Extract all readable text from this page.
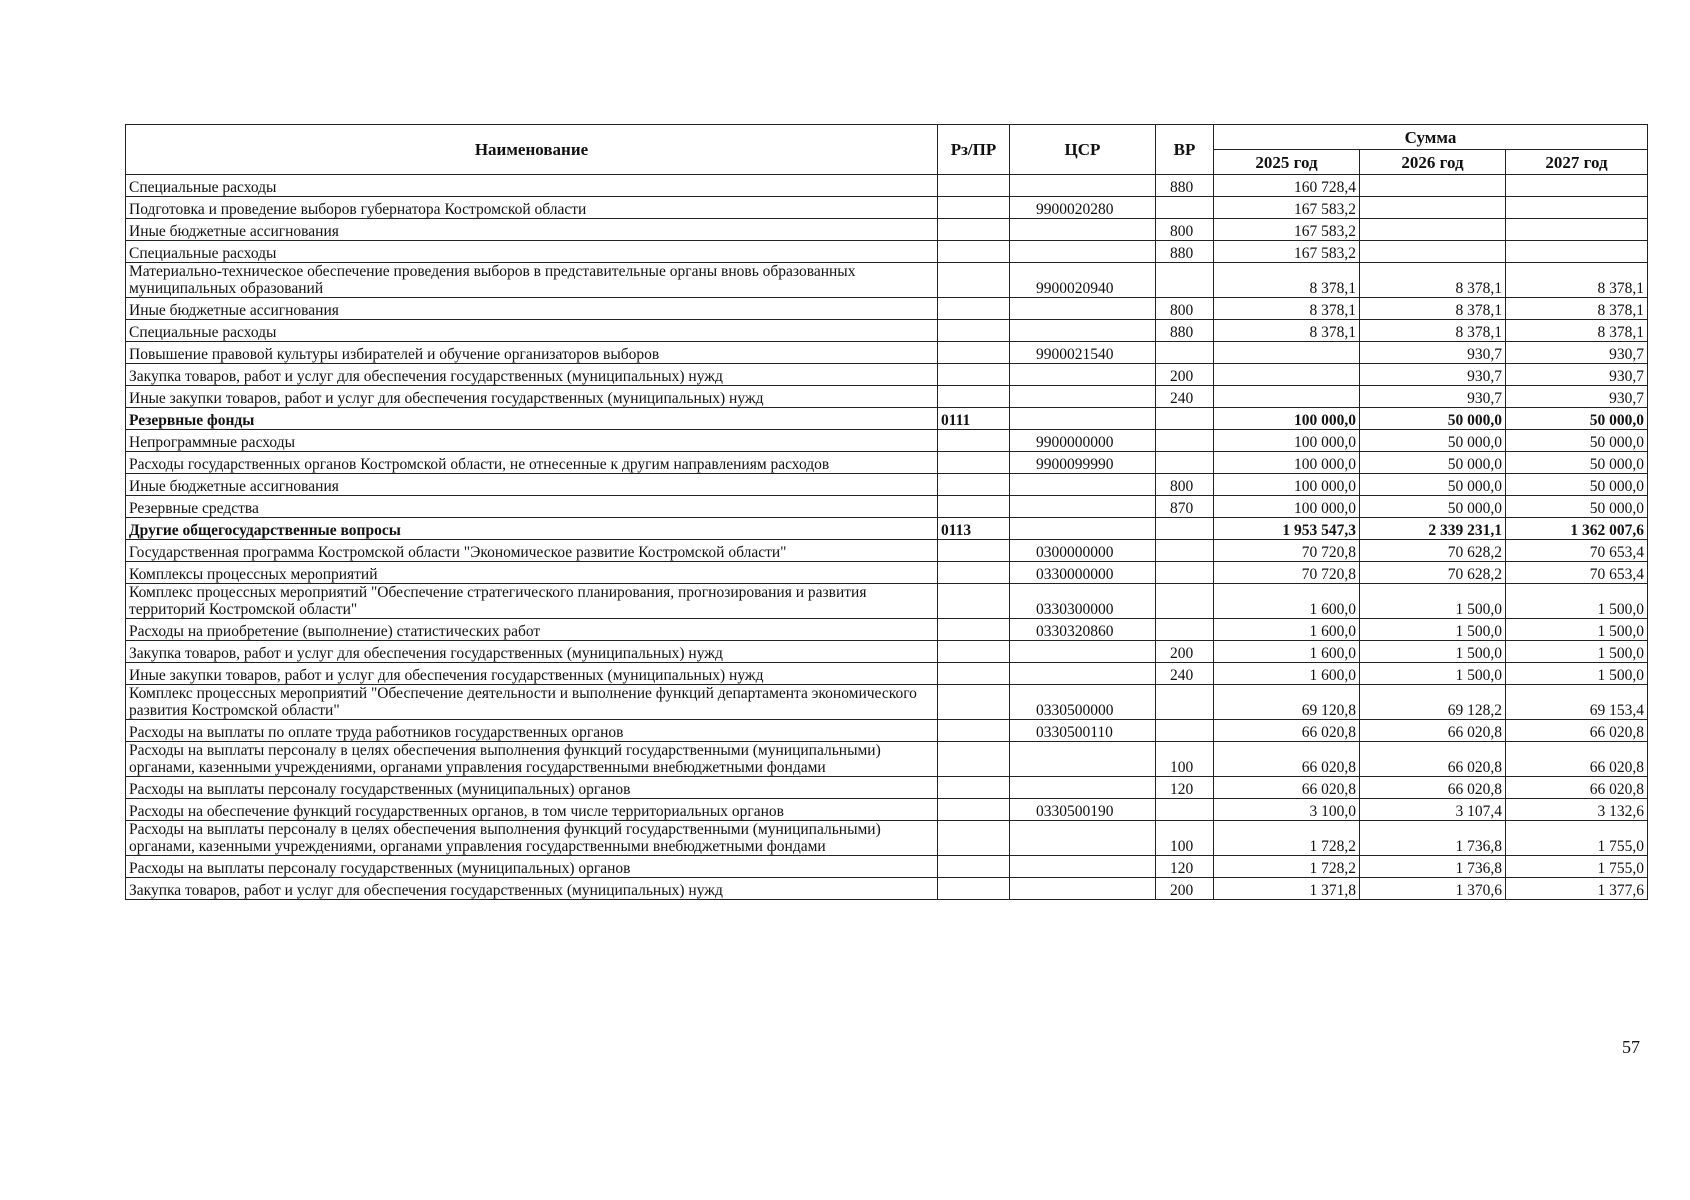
Наименование	Рз/ПР	ЦСР	ВР	Сумма		
				2025 год	2026 год	2027 год
Специальные расходы			880	160 728,4		
Подготовка и проведение выборов губернатора Костромской области		9900020280		167 583,2		
Иные бюджетные ассигнования			800	167 583,2		
Специальные расходы			880	167 583,2		
Материально-техническое обеспечение проведения выборов в представительные органы вновь образованных муниципальных образований		9900020940		8 378,1	8 378,1	8 378,1
Иные бюджетные ассигнования			800	8 378,1	8 378,1	8 378,1
Специальные расходы			880	8 378,1	8 378,1	8 378,1
Повышение правовой культуры избирателей и обучение организаторов выборов		9900021540			930,7	930,7
Закупка товаров, работ и услуг для обеспечения государственных (муниципальных) нужд			200		930,7	930,7
Иные закупки товаров, работ и услуг для обеспечения государственных (муниципальных) нужд			240		930,7	930,7
Резервные фонды	0111			100 000,0	50 000,0	50 000,0
Непрограммные расходы		9900000000		100 000,0	50 000,0	50 000,0
Расходы государственных органов Костромской области, не отнесенные к другим направлениям расходов		9900099990		100 000,0	50 000,0	50 000,0
Иные бюджетные ассигнования			800	100 000,0	50 000,0	50 000,0
Резервные средства			870	100 000,0	50 000,0	50 000,0
Другие общегосударственные вопросы	0113			1 953 547,3	2 339 231,1	1 362 007,6
Государственная программа Костромской области "Экономическое развитие Костромской области"		0300000000		70 720,8	70 628,2	70 653,4
Комплексы процессных мероприятий		0330000000		70 720,8	70 628,2	70 653,4
Комплекс процессных мероприятий "Обеспечение стратегического планирования, прогнозирования и развития территорий Костромской области"		0330300000		1 600,0	1 500,0	1 500,0
Расходы на приобретение (выполнение) статистических работ		0330320860		1 600,0	1 500,0	1 500,0
Закупка товаров, работ и услуг для обеспечения государственных (муниципальных) нужд			200	1 600,0	1 500,0	1 500,0
Иные закупки товаров, работ и услуг для обеспечения государственных (муниципальных) нужд			240	1 600,0	1 500,0	1 500,0
Комплекс процессных мероприятий "Обеспечение деятельности и выполнение функций департамента экономического развития Костромской области"		0330500000		69 120,8	69 128,2	69 153,4
Расходы на выплаты по оплате труда работников государственных органов		0330500110		66 020,8	66 020,8	66 020,8
Расходы на выплаты персоналу в целях обеспечения выполнения функций государственными (муниципальными) органами, казенными учреждениями, органами управления государственными внебюджетными фондами			100	66 020,8	66 020,8	66 020,8
Расходы на выплаты персоналу государственных (муниципальных) органов			120	66 020,8	66 020,8	66 020,8
Расходы на обеспечение функций государственных органов, в том числе территориальных органов		0330500190		3 100,0	3 107,4	3 132,6
Расходы на выплаты персоналу в целях обеспечения выполнения функций государственными (муниципальными) органами, казенными учреждениями, органами управления государственными внебюджетными фондами			100	1 728,2	1 736,8	1 755,0
Расходы на выплаты персоналу государственных (муниципальных) органов			120	1 728,2	1 736,8	1 755,0
Закупка товаров, работ и услуг для обеспечения государственных (муниципальных) нужд			200	1 371,8	1 370,6	1 377,6
57
